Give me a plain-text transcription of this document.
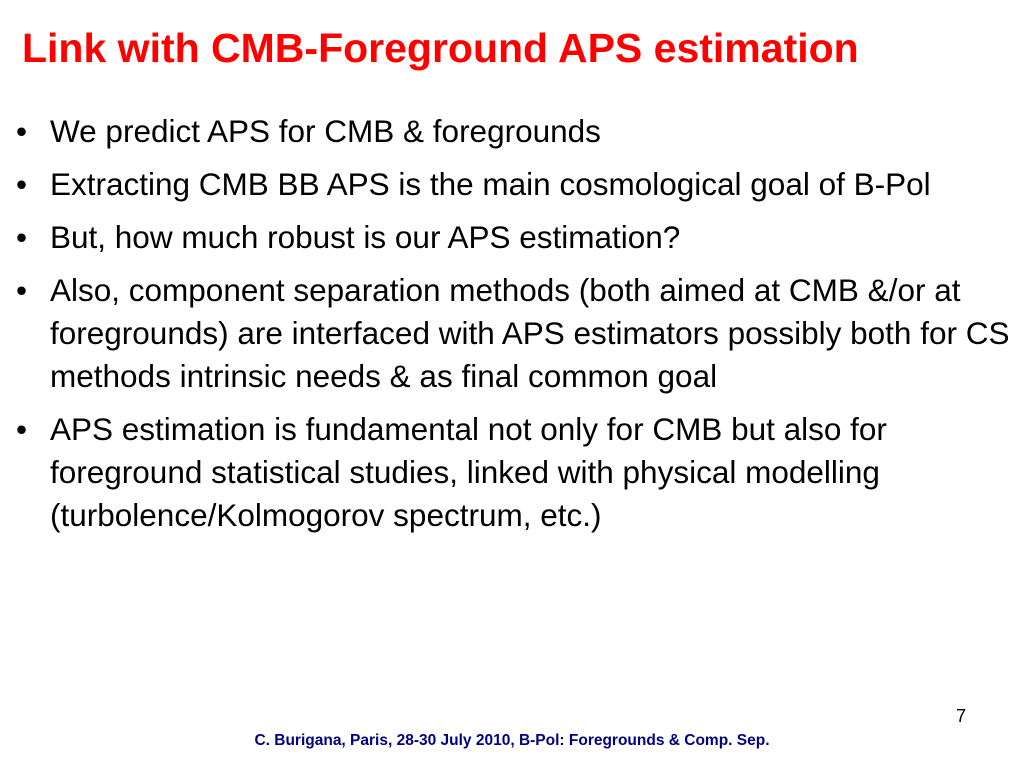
Link with CMB-Foreground APS estimation
• We predict APS for CMB & foregrounds
• Extracting CMB BB APS is the main cosmological goal of B-Pol
• But, how much robust is our APS estimation?
• Also, component separation methods (both aimed at CMB &/or at foregrounds) are interfaced with APS estimators possibly both for CS methods intrinsic needs & as final common goal
• APS estimation is fundamental not only for CMB but also for foreground statistical studies, linked with physical modelling (turbolence/Kolmogorov spectrum, etc.)
7
C. Burigana, Paris, 28-30 July 2010, B-Pol: Foregrounds & Comp. Sep.
